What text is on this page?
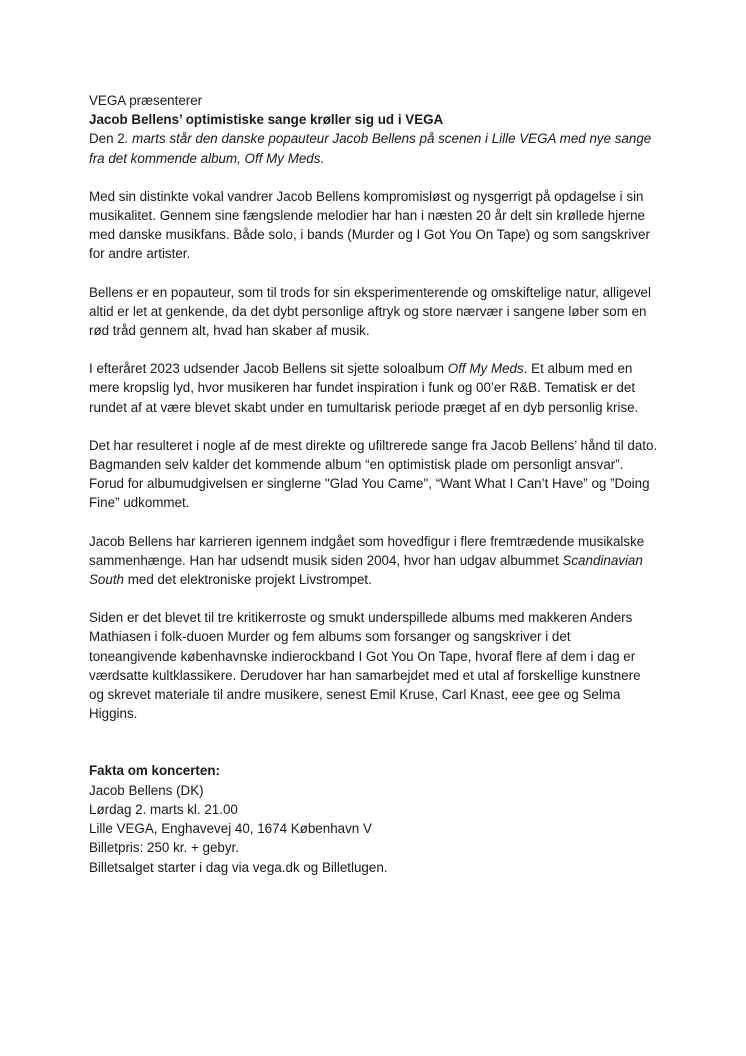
VEGA præsenterer
Jacob Bellens’ optimistiske sange krøller sig ud i VEGA
Den 2. marts står den danske popauteur Jacob Bellens på scenen i Lille VEGA med nye sange fra det kommende album, Off My Meds.

Med sin distinkte vokal vandrer Jacob Bellens kompromisløst og nysgerrigt på opdagelse i sin musikalitet. Gennem sine fængslende melodier har han i næsten 20 år delt sin krøllede hjerne med danske musikfans. Både solo, i bands (Murder og I Got You On Tape) og som sangskriver for andre artister.

Bellens er en popauteur, som til trods for sin eksperimenterende og omskiftelige natur, alligevel altid er let at genkende, da det dybt personlige aftryk og store nærvær i sangene løber som en rød tråd gennem alt, hvad han skaber af musik.

I efteråret 2023 udsender Jacob Bellens sit sjette soloalbum Off My Meds. Et album med en mere kropslig lyd, hvor musikeren har fundet inspiration i funk og 00’er R&B. Tematisk er det rundet af at være blevet skabt under en tumultarisk periode præget af en dyb personlig krise.

Det har resulteret i nogle af de mest direkte og ufiltrerede sange fra Jacob Bellens’ hånd til dato. Bagmanden selv kalder det kommende album “en optimistisk plade om personligt ansvar”. Forud for albumudgivelsen er singlerne "Glad You Came", “Want What I Can’t Have” og ”Doing Fine” udkommet.

Jacob Bellens har karrieren igennem indgået som hovedfigur i flere fremtrædende musikalske sammenhænge. Han har udsendt musik siden 2004, hvor han udgav albummet Scandinavian South med det elektroniske projekt Livstrompet.

Siden er det blevet til tre kritikerroste og smukt underspillede albums med makkeren Anders Mathiasen i folk-duoen Murder og fem albums som forsanger og sangskriver i det toneangivende københavnske indierockband I Got You On Tape, hvoraf flere af dem i dag er værdsatte kultklassikere. Derudover har han samarbejdet med et utal af forskellige kunstnere og skrevet materiale til andre musikere, senest Emil Kruse, Carl Knast, eee gee og Selma Higgins.

Fakta om koncerten:
Jacob Bellens (DK)
Lørdag 2. marts kl. 21.00
Lille VEGA, Enghavevej 40, 1674 København V
Billetpris: 250 kr. + gebyr.
Billetsalget starter i dag via vega.dk og Billetlugen.
